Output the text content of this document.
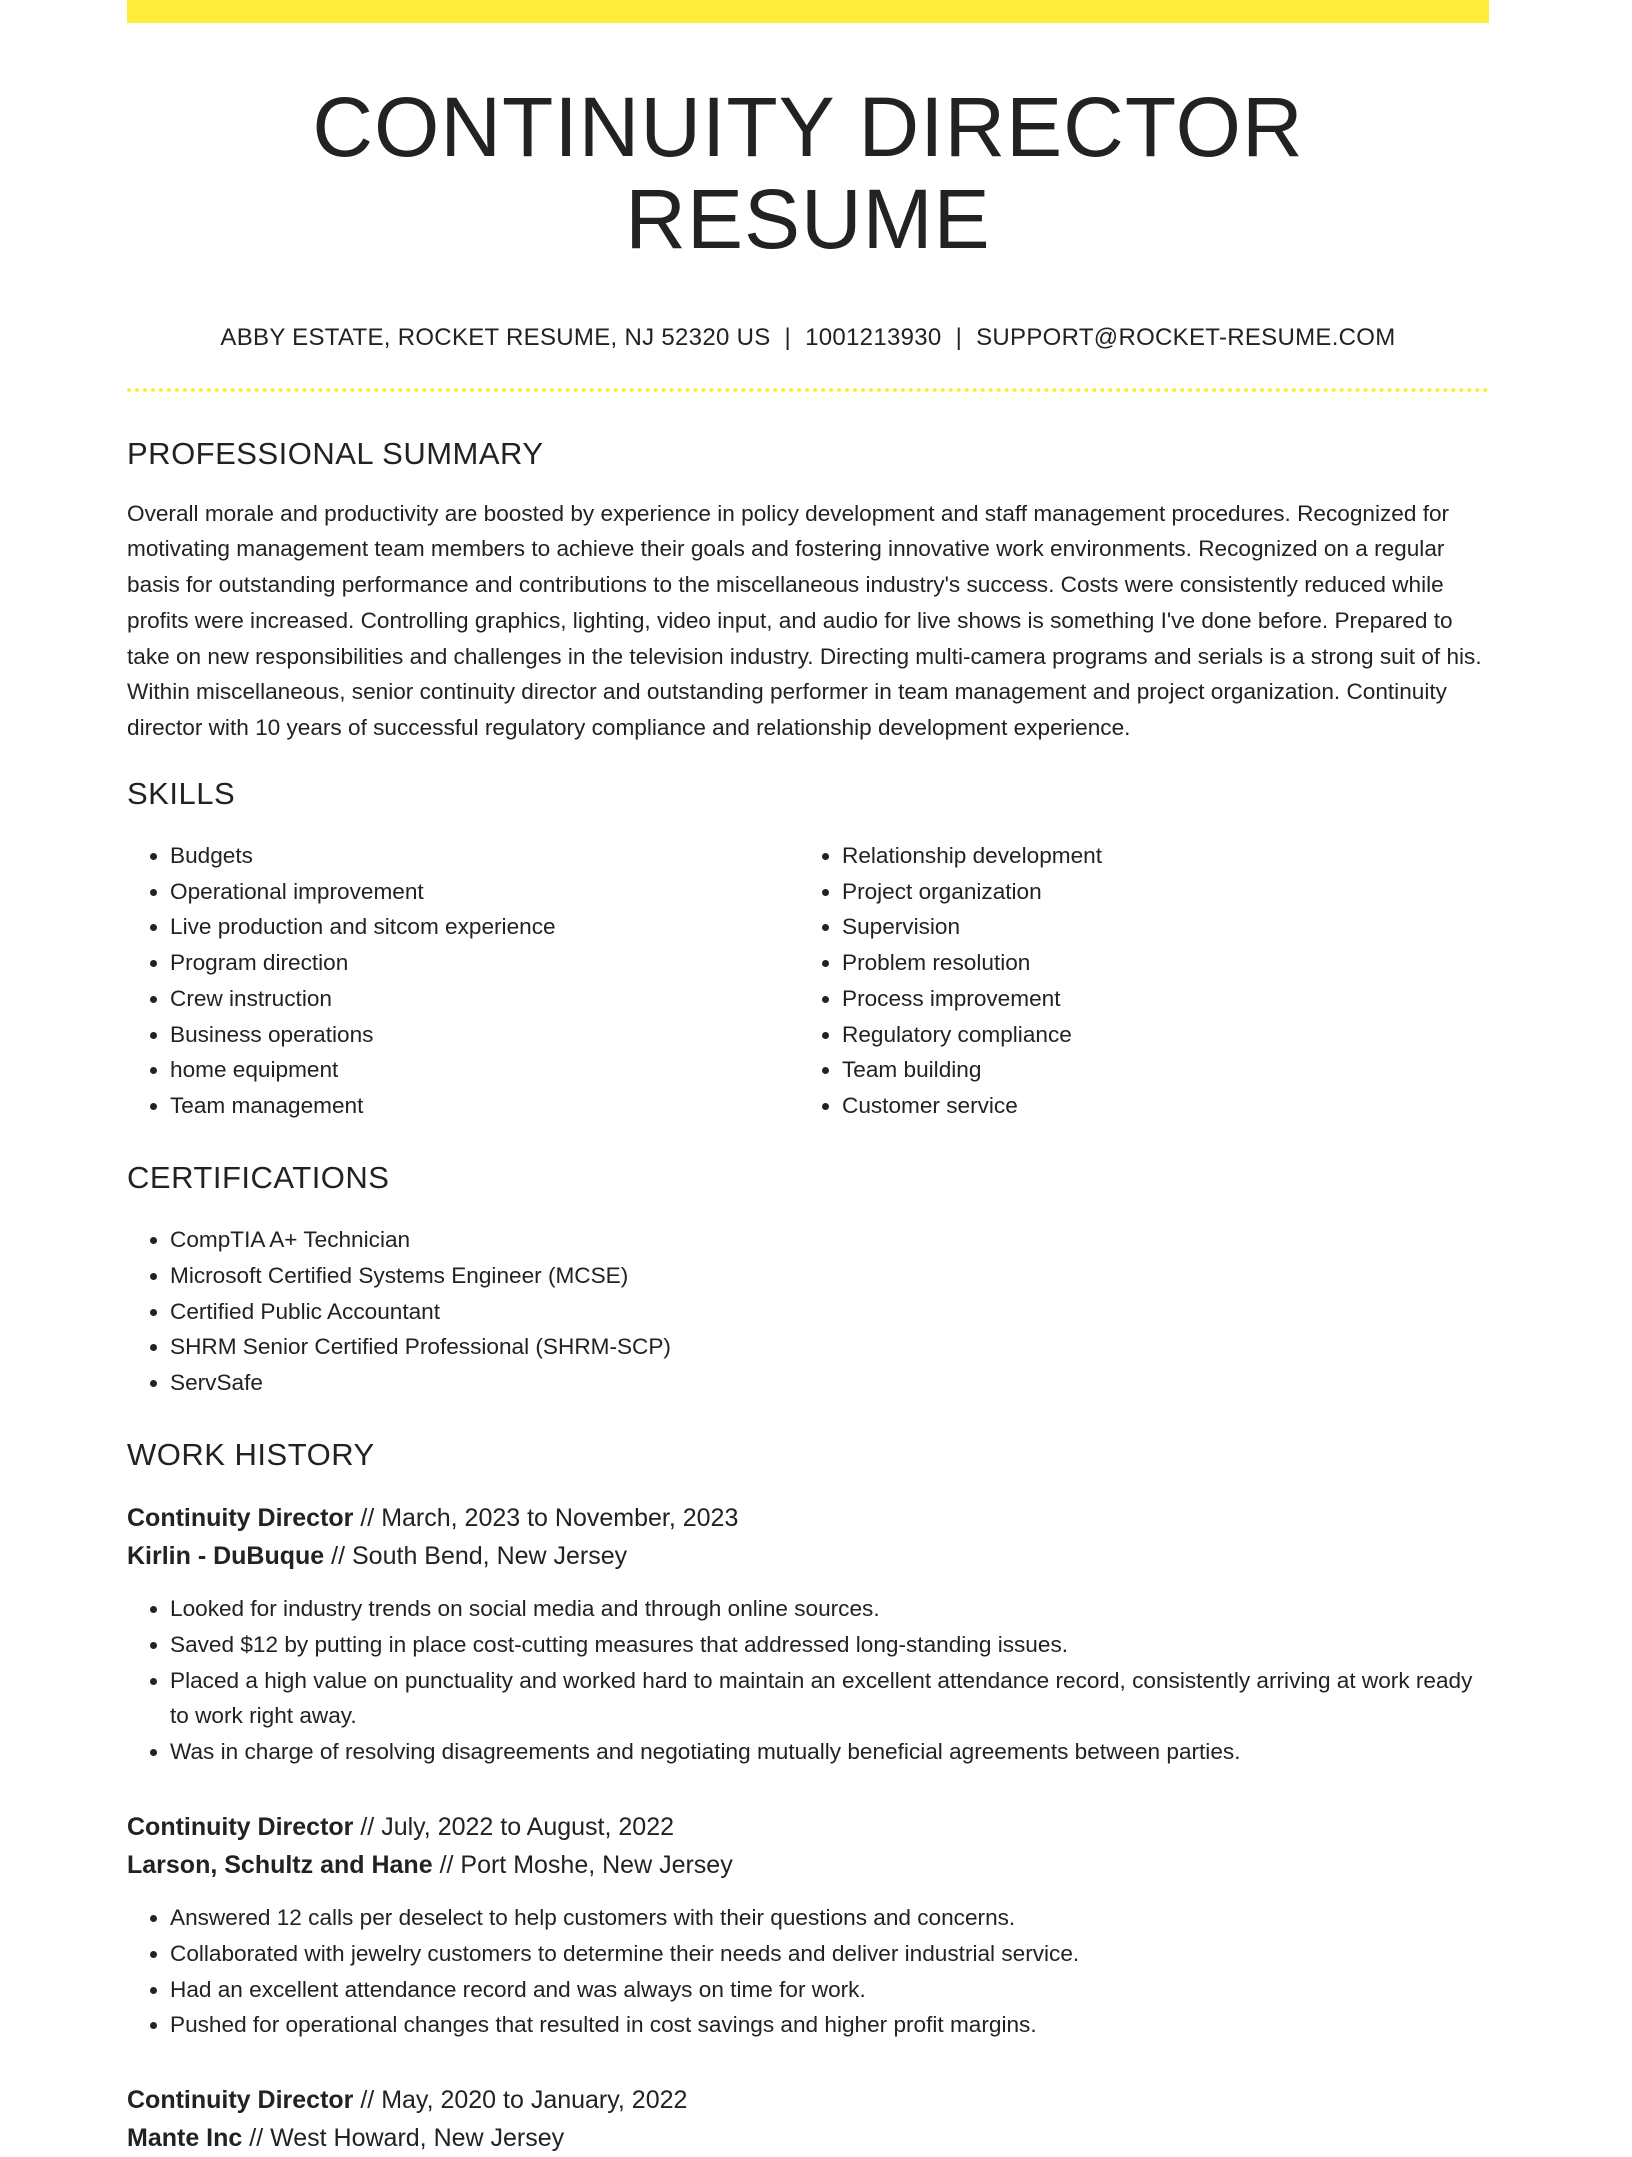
CONTINUITY DIRECTOR RESUME
ABBY ESTATE, ROCKET RESUME, NJ 52320 US | 1001213930 | SUPPORT@ROCKET-RESUME.COM
PROFESSIONAL SUMMARY
Overall morale and productivity are boosted by experience in policy development and staff management procedures. Recognized for motivating management team members to achieve their goals and fostering innovative work environments. Recognized on a regular basis for outstanding performance and contributions to the miscellaneous industry's success. Costs were consistently reduced while profits were increased. Controlling graphics, lighting, video input, and audio for live shows is something I've done before. Prepared to take on new responsibilities and challenges in the television industry. Directing multi-camera programs and serials is a strong suit of his. Within miscellaneous, senior continuity director and outstanding performer in team management and project organization. Continuity director with 10 years of successful regulatory compliance and relationship development experience.
SKILLS
• Budgets
• Operational improvement
• Live production and sitcom experience
• Program direction
• Crew instruction
• Business operations
• home equipment
• Team management
• Relationship development
• Project organization
• Supervision
• Problem resolution
• Process improvement
• Regulatory compliance
• Team building
• Customer service
CERTIFICATIONS
• CompTIA A+ Technician
• Microsoft Certified Systems Engineer (MCSE)
• Certified Public Accountant
• SHRM Senior Certified Professional (SHRM-SCP)
• ServSafe
WORK HISTORY
Continuity Director // March, 2023 to November, 2023
Kirlin - DuBuque // South Bend, New Jersey
• Looked for industry trends on social media and through online sources.
• Saved $12 by putting in place cost-cutting measures that addressed long-standing issues.
• Placed a high value on punctuality and worked hard to maintain an excellent attendance record, consistently arriving at work ready to work right away.
• Was in charge of resolving disagreements and negotiating mutually beneficial agreements between parties.
Continuity Director // July, 2022 to August, 2022
Larson, Schultz and Hane // Port Moshe, New Jersey
• Answered 12 calls per deselect to help customers with their questions and concerns.
• Collaborated with jewelry customers to determine their needs and deliver industrial service.
• Had an excellent attendance record and was always on time for work.
• Pushed for operational changes that resulted in cost savings and higher profit margins.
Continuity Director // May, 2020 to January, 2022
Mante Inc // West Howard, New Jersey
